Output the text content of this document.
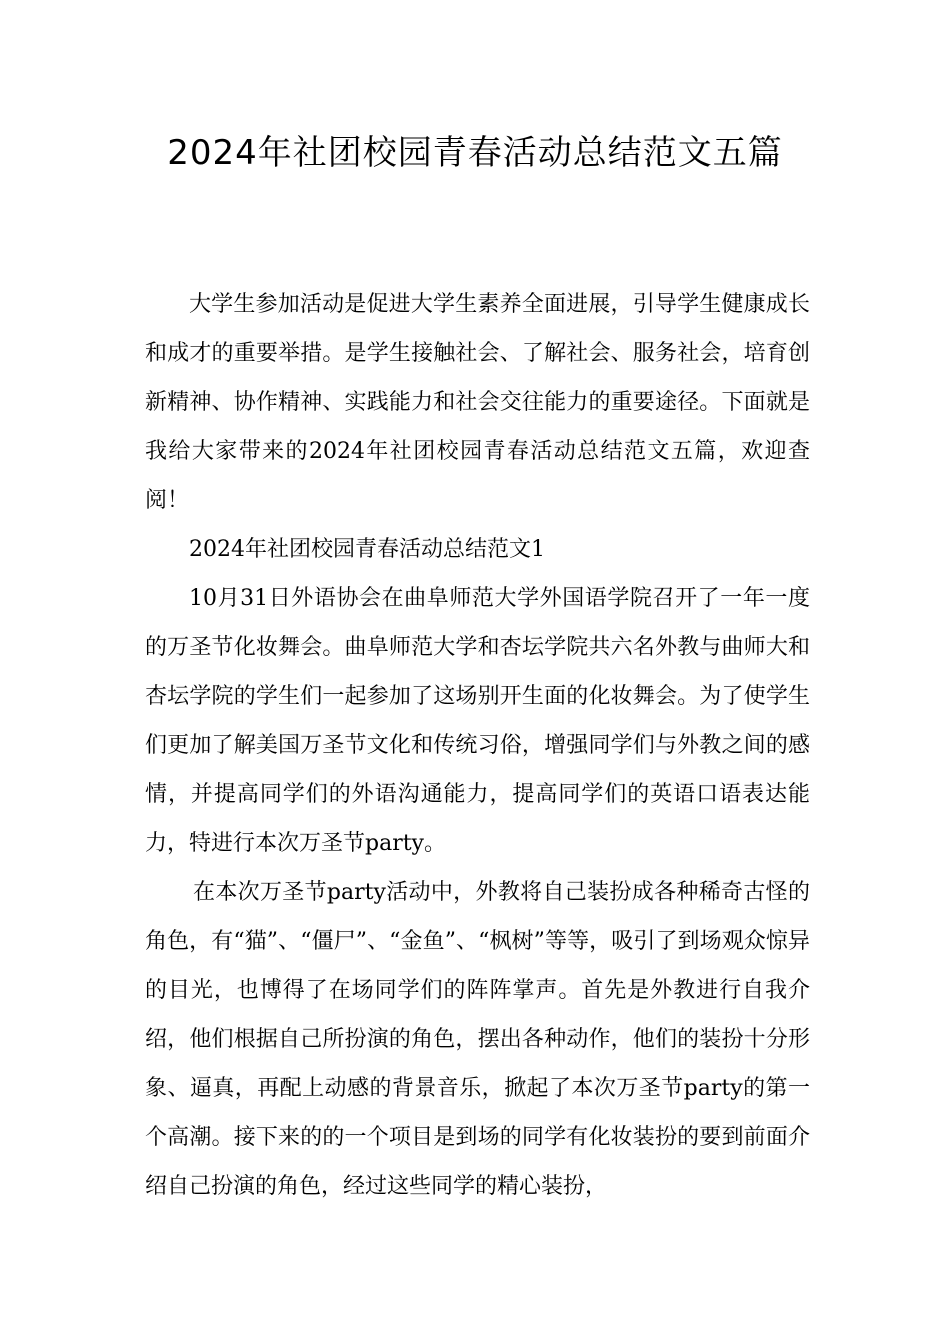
2024年社团校园青春活动总结范文五篇

大学生参加活动是促进大学生素养全面进展，引导学生健康成长和成才的重要举措。是学生接触社会、了解社会、服务社会，培育创新精神、协作精神、实践能力和社会交往能力的重要途径。下面就是我给大家带来的2024年社团校园青春活动总结范文五篇，欢迎查阅！

2024年社团校园青春活动总结范文1

10月31日外语协会在曲阜师范大学外国语学院召开了一年一度的万圣节化妆舞会。曲阜师范大学和杏坛学院共六名外教与曲师大和杏坛学院的学生们一起参加了这场别开生面的化妆舞会。为了使学生们更加了解美国万圣节文化和传统习俗，增强同学们与外教之间的感情，并提高同学们的外语沟通能力，提高同学们的英语口语表达能力，特进行本次万圣节party。

在本次万圣节party活动中，外教将自己装扮成各种稀奇古怪的角色，有“猫”、“僵尸”、“金鱼”、“枫树”等等，吸引了到场观众惊异的目光，也博得了在场同学们的阵阵掌声。首先是外教进行自我介绍，他们根据自己所扮演的角色，摆出各种动作，他们的装扮十分形象、逼真，再配上动感的背景音乐，掀起了本次万圣节party的第一个高潮。接下来的的一个项目是到场的同学有化妆装扮的要到前面介绍自己扮演的角色，经过这些同学的精心装扮，
